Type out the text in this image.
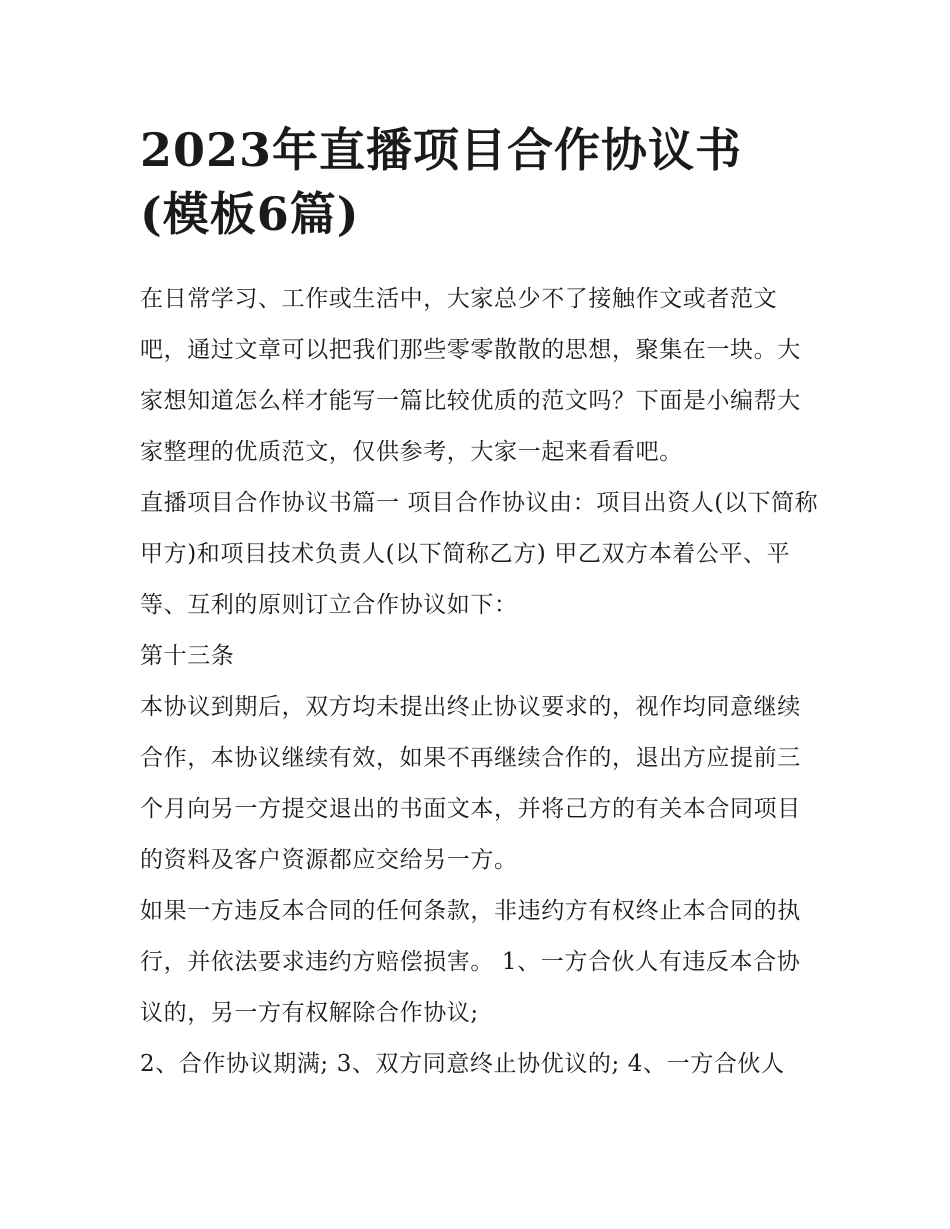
2023年直播项目合作协议书
(模板6篇)

在日常学习、工作或生活中，大家总少不了接触作文或者范文吧，通过文章可以把我们那些零零散散的思想，聚集在一块。大家想知道怎么样才能写一篇比较优质的范文吗？下面是小编帮大家整理的优质范文，仅供参考，大家一起来看看吧。

直播项目合作协议书篇一 项目合作协议由：项目出资人(以下简称甲方)和项目技术负责人(以下简称乙方) 甲乙双方本着公平、平等、互利的原则订立合作协议如下：

第十三条

本协议到期后，双方均未提出终止协议要求的，视作均同意继续合作，本协议继续有效，如果不再继续合作的，退出方应提前三个月向另一方提交退出的书面文本，并将己方的有关本合同项目的资料及客户资源都应交给另一方。

如果一方违反本合同的任何条款，非违约方有权终止本合同的执行，并依法要求违约方赔偿损害。 1、一方合伙人有违反本合协议的，另一方有权解除合作协议;

2、合作协议期满; 3、双方同意终止协优议的; 4、一方合伙人
